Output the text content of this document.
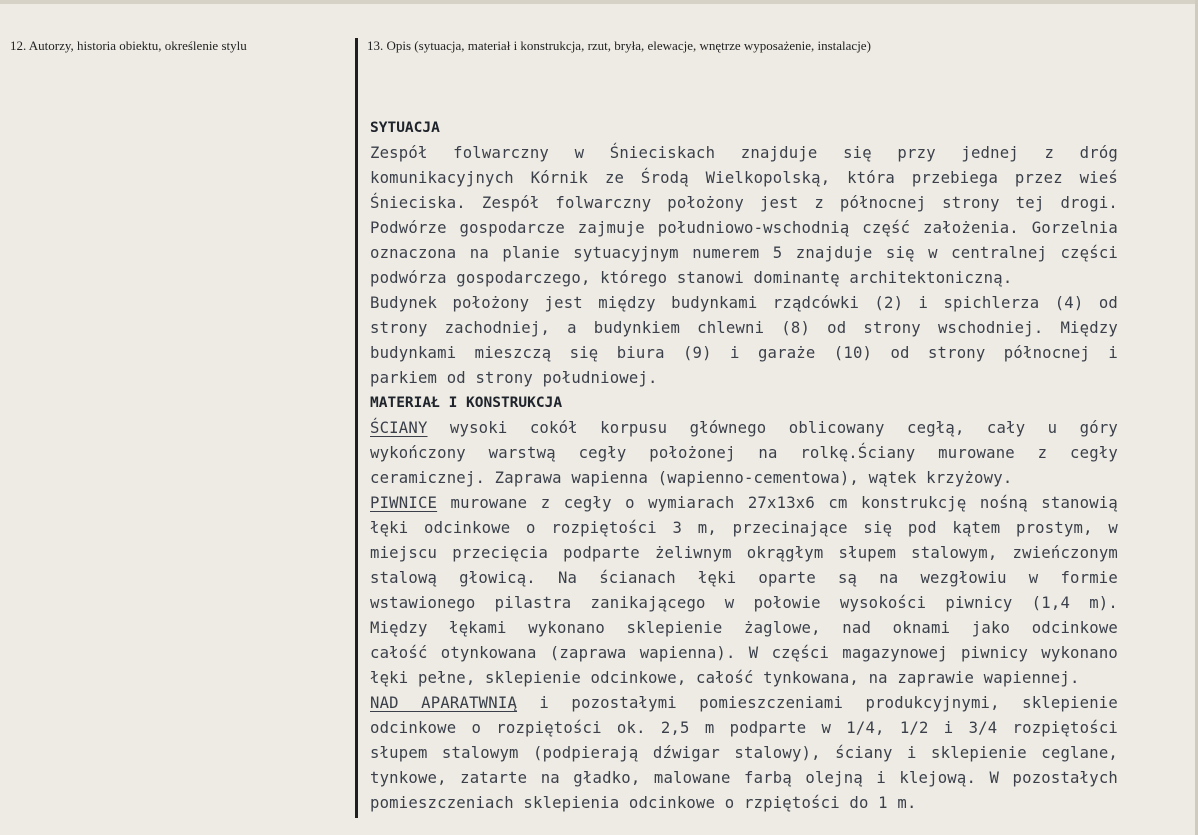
12. Autorzy, historia obiektu, określenie stylu	13. Opis (sytuacja, materiał i konstrukcja, rzut, bryła, elewacje, wnętrze wyposażenie, instalacje)
SYTUACJA
Zespół folwarczny w Śnieciskach znajduje się przy jednej z dróg
komunikacyjnych Kórnik ze Środą Wielkopolską, która przebiega przez wieś
Śnieciska. Zespół folwarczny położony jest z północnej strony tej drogi.
Podwórze gospodarcze zajmuje południowo-wschodnią część założenia. Gorzelnia
oznaczona na planie sytuacyjnym numerem 5 znajduje się w centralnej części
podwórza gospodarczego, którego stanowi dominantę architektoniczną.
Budynek położony jest między budynkami rządcówki (2) i spichlerza (4) od
strony zachodniej, a budynkiem chlewni (8) od strony wschodniej. Między
budynkami mieszczą się biura (9) i garaże (10) od strony północnej i
parkiem od strony południowej.
MATERIAŁ I KONSTRUKCJA
ŚCIANY wysoki cokół korpusu głównego oblicowany cegłą, cały u góry
wykończony warstwą cegły położonej na rolkę.Ściany murowane z cegły
ceramicznej. Zaprawa wapienna (wapienno-cementowa), wątek krzyżowy.
PIWNICE murowane z cegły o wymiarach 27x13x6 cm konstrukcję nośną stanowią
łęki odcinkowe o rozpiętości 3 m, przecinające się pod kątem prostym, w
miejscu przecięcia podparte żeliwnym okrągłym słupem stalowym, zwieńczonym
stalową głowicą. Na ścianach łęki oparte są na wezgłowiu w formie
wstawionego pilastra zanikającego w połowie wysokości piwnicy (1,4 m).
Między łękami wykonano sklepienie żaglowe, nad oknami jako odcinkowe
całość otynkowana (zaprawa wapienna). W części magazynowej piwnicy wykonano
łęki pełne, sklepienie odcinkowe, całość tynkowana, na zaprawie wapiennej.
NAD APARATWNIĄ i pozostałymi pomieszczeniami produkcyjnymi, sklepienie
odcinkowe o rozpiętości ok. 2,5 m podparte w 1/4, 1/2 i 3/4 rozpiętości
słupem stalowym (podpierają dźwigar stalowy), ściany i sklepienie ceglane,
tynkowe, zatarte na gładko, malowane farbą olejną i klejową. W pozostałych
pomieszczeniach sklepienia odcinkowe o rzpiętości do 1 m.
